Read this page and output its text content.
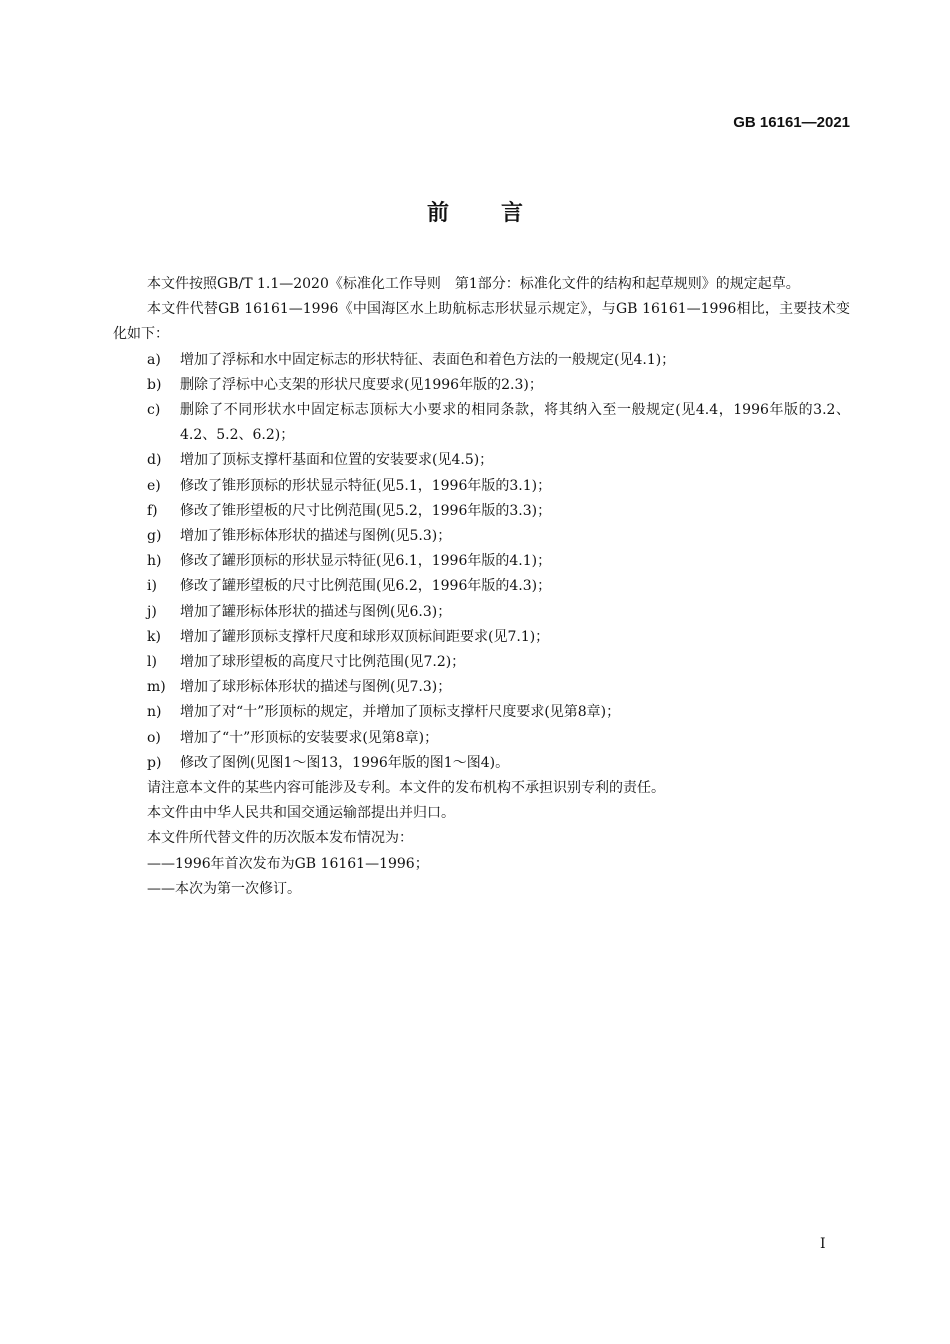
GB 16161—2021
前言

本文件按照GB/T 1.1—2020《标准化工作导则　第1部分：标准化文件的结构和起草规则》的规定起草。

本文件代替GB 16161—1996《中国海区水上助航标志形状显示规定》，与GB 16161—1996相比，主要技术变化如下：

a)	增加了浮标和水中固定标志的形状特征、表面色和着色方法的一般规定(见4.1)；
b)	删除了浮标中心支架的形状尺度要求(见1996年版的2.3)；
c)	删除了不同形状水中固定标志顶标大小要求的相同条款，将其纳入至一般规定(见4.4，1996年版的3.2、4.2、5.2、6.2)；
d)	增加了顶标支撑杆基面和位置的安装要求(见4.5)；
e)	修改了锥形顶标的形状显示特征(见5.1，1996年版的3.1)；
f)	修改了锥形望板的尺寸比例范围(见5.2，1996年版的3.3)；
g)	增加了锥形标体形状的描述与图例(见5.3)；
h)	修改了罐形顶标的形状显示特征(见6.1，1996年版的4.1)；
i)	修改了罐形望板的尺寸比例范围(见6.2，1996年版的4.3)；
j)	增加了罐形标体形状的描述与图例(见6.3)；
k)	增加了罐形顶标支撑杆尺度和球形双顶标间距要求(见7.1)；
l)	增加了球形望板的高度尺寸比例范围(见7.2)；
m)	增加了球形标体形状的描述与图例(见7.3)；
n)	增加了对“十”形顶标的规定，并增加了顶标支撑杆尺度要求(见第8章)；
o)	增加了“十”形顶标的安装要求(见第8章)；
p)	修改了图例(见图1～图13，1996年版的图1～图4)。

请注意本文件的某些内容可能涉及专利。本文件的发布机构不承担识别专利的责任。

本文件由中华人民共和国交通运输部提出并归口。

本文件所代替文件的历次版本发布情况为：

——1996年首次发布为GB 16161—1996；

——本次为第一次修订。

I
